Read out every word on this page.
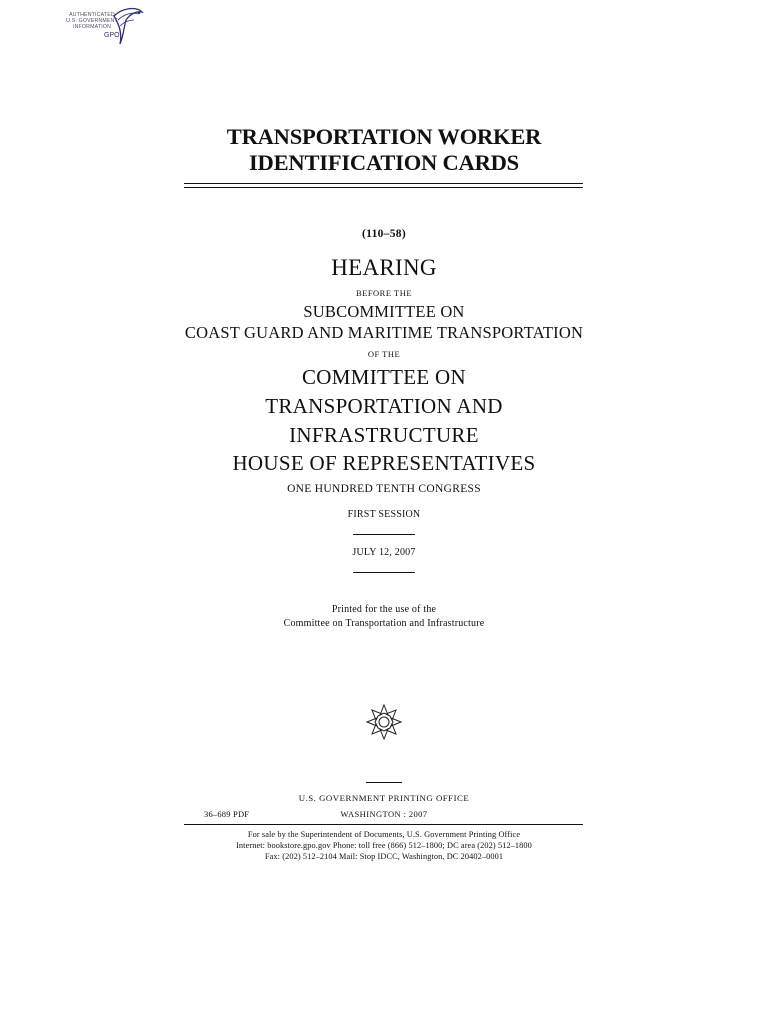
AUTHENTICATED
U.S. GOVERNMENT
INFORMATION
GPO
TRANSPORTATION WORKER
IDENTIFICATION CARDS
(110–58)
HEARING
BEFORE THE
SUBCOMMITTEE ON
COAST GUARD AND MARITIME TRANSPORTATION
OF THE
COMMITTEE ON
TRANSPORTATION AND
INFRASTRUCTURE
HOUSE OF REPRESENTATIVES
ONE HUNDRED TENTH CONGRESS
FIRST SESSION
JULY 12, 2007
Printed for the use of the
Committee on Transportation and Infrastructure
U.S. GOVERNMENT PRINTING OFFICE
36–689 PDF	WASHINGTON : 2007
For sale by the Superintendent of Documents, U.S. Government Printing Office
Internet: bookstore.gpo.gov Phone: toll free (866) 512–1800; DC area (202) 512–1800
Fax: (202) 512–2104 Mail: Stop IDCC, Washington, DC 20402–0001
